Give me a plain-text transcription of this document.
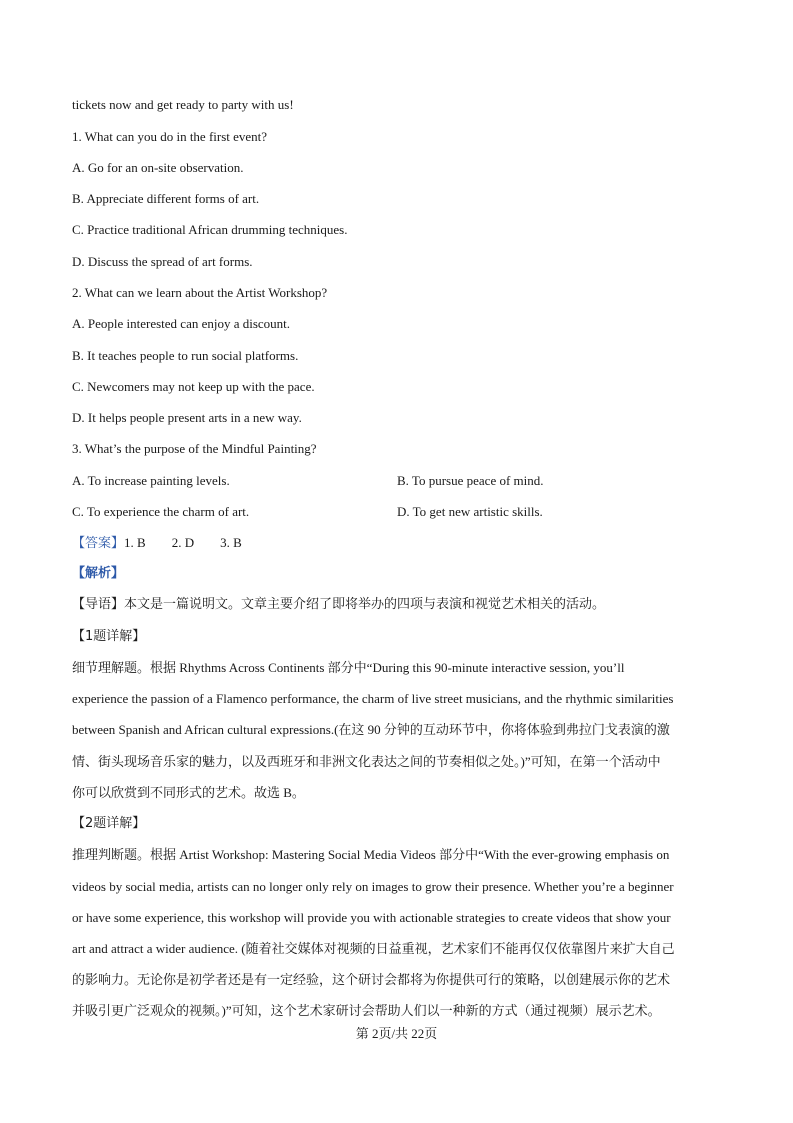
tickets now and get ready to party with us!
1. What can you do in the first event?
A. Go for an on-site observation.
B. Appreciate different forms of art.
C. Practice traditional African drumming techniques.
D. Discuss the spread of art forms.
2. What can we learn about the Artist Workshop?
A. People interested can enjoy a discount.
B. It teaches people to run social platforms.
C. Newcomers may not keep up with the pace.
D. It helps people present arts in a new way.
3. What’s the purpose of the Mindful Painting?
A. To increase painting levels.	B. To pursue peace of mind.
C. To experience the charm of art.	D. To get new artistic skills.
【答案】1. B 2. D 3. B
【解析】
【导语】本文是一篇说明文。文章主要介绍了即将举办的四项与表演和视觉艺术相关的活动。
【1题详解】
细节理解题。根据 Rhythms Across Continents 部分中“During this 90-minute interactive session, you’ll
experience the passion of a Flamenco performance, the charm of live street musicians, and the rhythmic similarities
between Spanish and African cultural expressions.(在这 90 分钟的互动环节中，你将体验到弗拉门戈表演的激
情、街头现场音乐家的魅力，以及西班牙和非洲文化表达之间的节奏相似之处。)”可知，在第一个活动中
你可以欣赏到不同形式的艺术。故选 B。
【2题详解】
推理判断题。根据 Artist Workshop: Mastering Social Media Videos 部分中“With the ever-growing emphasis on
videos by social media, artists can no longer only rely on images to grow their presence. Whether you’re a beginner
or have some experience, this workshop will provide you with actionable strategies to create videos that show your
art and attract a wider audience. (随着社交媒体对视频的日益重视，艺术家们不能再仅仅依靠图片来扩大自己
的影响力。无论你是初学者还是有一定经验，这个研讨会都将为你提供可行的策略，以创建展示你的艺术
并吸引更广泛观众的视频。)”可知，这个艺术家研讨会帮助人们以一种新的方式（通过视频）展示艺术。
第 2页/共 22页
